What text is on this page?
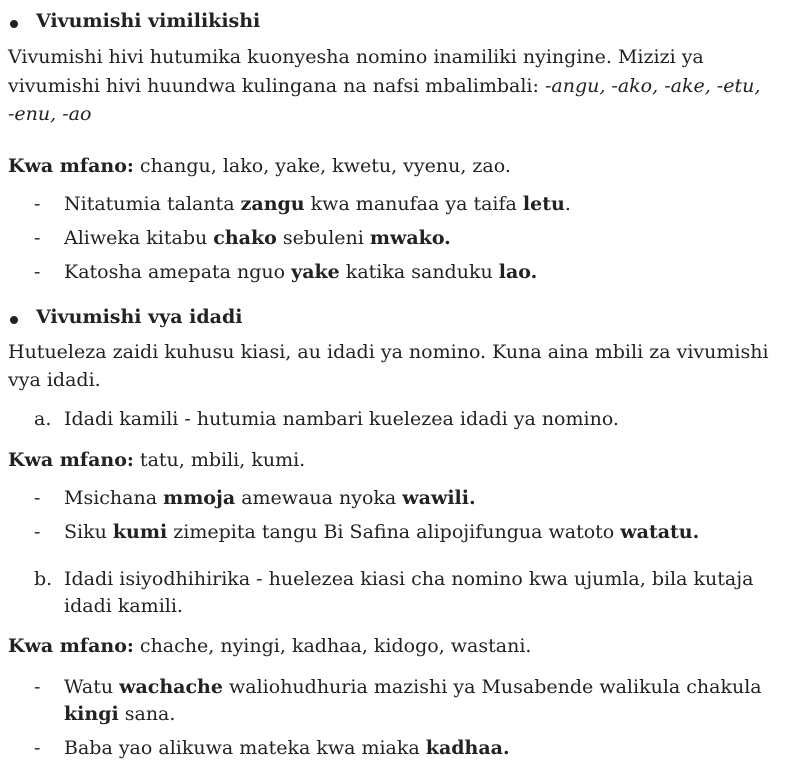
Vivumishi vimilikishi
Vivumishi hivi hutumika kuonyesha nomino inamiliki nyingine. Mizizi ya
vivumishi hivi huundwa kulingana na nafsi mbalimbali: -angu, -ako, -ake, -etu,
-enu, -ao
Kwa mfano: changu, lako, yake, kwetu, vyenu, zao.
- Nitatumia talanta zangu kwa manufaa ya taifa letu.
- Aliweka kitabu chako sebuleni mwako.
- Katosha amepata nguo yake katika sanduku lao.
Vivumishi vya idadi
Hutueleza zaidi kuhusu kiasi, au idadi ya nomino. Kuna aina mbili za vivumishi
vya idadi.
a. Idadi kamili - hutumia nambari kuelezea idadi ya nomino.
Kwa mfano: tatu, mbili, kumi.
- Msichana mmoja amewaua nyoka wawili.
- Siku kumi zimepita tangu Bi Safina alipojifungua watoto watatu.
b. Idadi isiyodhihirika - huelezea kiasi cha nomino kwa ujumla, bila kutaja
idadi kamili.
Kwa mfano: chache, nyingi, kadhaa, kidogo, wastani.
- Watu wachache waliohudhuria mazishi ya Musabende walikula chakula
kingi sana.
- Baba yao alikuwa mateka kwa miaka kadhaa.
